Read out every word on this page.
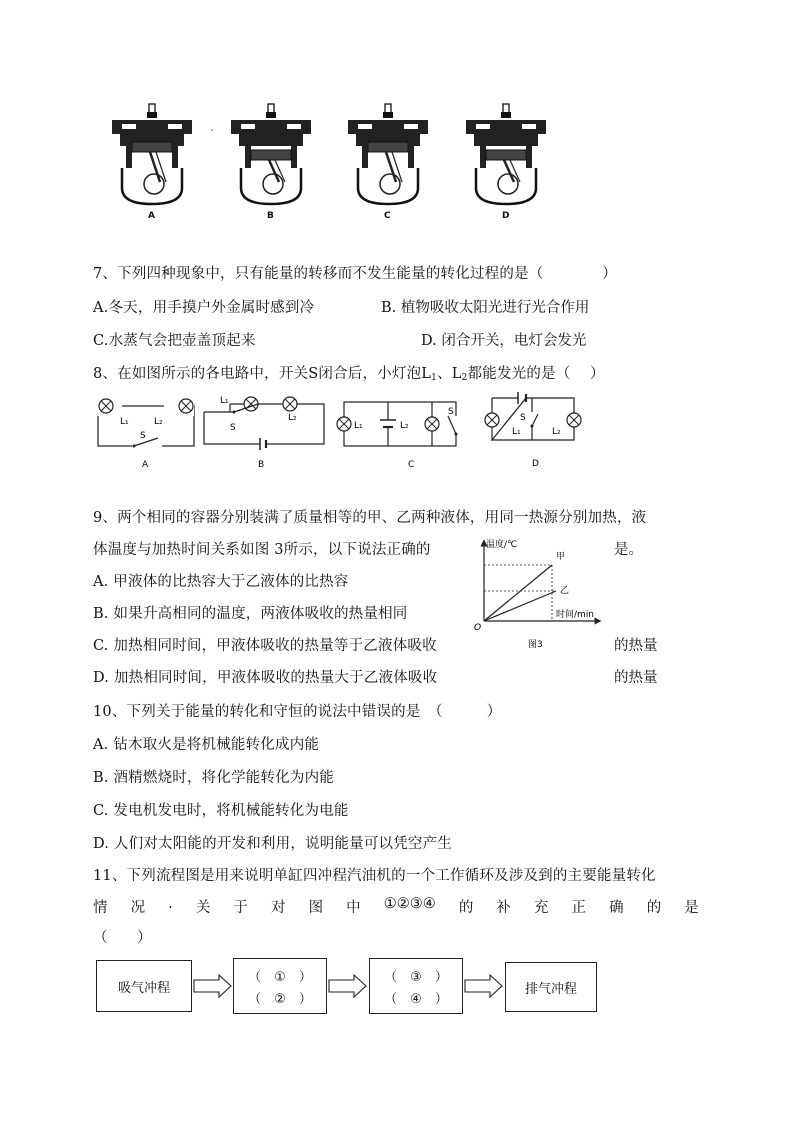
A	B	C	D
7、下列四种现象中，只有能量的转移而不发生能量的转化过程的是（　　　　）
A.冬天，用手摸户外金属时感到冷	B. 植物吸收太阳光进行光合作用
C.水蒸气会把壶盖顶起来	D. 闭合开关，电灯会发光
8、在如图所示的各电路中，开关S闭合后，小灯泡$L_1$、$L_2$都能发光的是（　 ）
L₁	L₂
S
A
L₁
L₂
S
B
L₁	L₂
S
C
L₁	L₂
S
D
9、两个相同的容器分别装满了质量相等的甲、乙两种液体，用同一热源分别加热，液
体温度与加热时间关系如图 3所示，以下说法正确的	是。
A. 甲液体的比热容大于乙液体的比热容
B. 如果升高相同的温度，两液体吸收的热量相同
C. 加热相同时间，甲液体吸收的热量等于乙液体吸收	的热量
D. 加热相同时间，甲液体吸收的热量大于乙液体吸收	的热量
温度/℃
时间/min
O
甲
乙
图3
10、下列关于能量的转化和守恒的说法中错误的是　（　　　）
A. 钻木取火是将机械能转化成内能
B. 酒精燃烧时，将化学能转化为内能
C. 发电机发电时，将机械能转化为电能
D. 人们对太阳能的开发和利用，说明能量可以凭空产生
11、下列流程图是用来说明单缸四冲程汽油机的一个工作循环及涉及到的主要能量转化
情 况 . 关 于 对 图 中 ①②③④ 的 补 充 正 确 的 是
（　　）
吸气冲程
（　①　）
（　②　）
（　③　）
（　④　）
排气冲程
